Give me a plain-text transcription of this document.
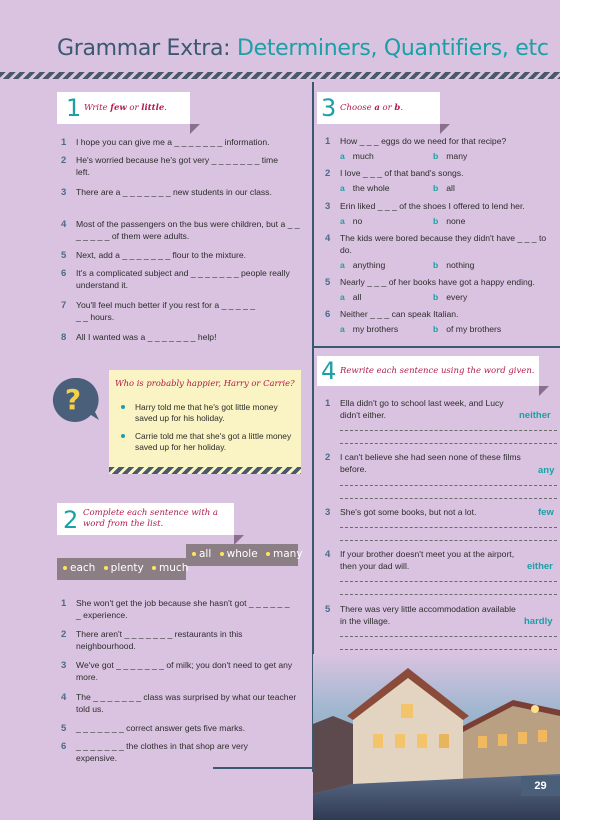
Grammar Extra: Determiners, Quantifiers, etc
1 Write few or little.
1 I hope you can give me a _ _ _ _ _ _ _ information.
2 He's worried because he's got very _ _ _ _ _ _ _ time left.
3 There are a _ _ _ _ _ _ _ new students in our class.
4 Most of the passengers on the bus were children, but a _ _ _ _ _ _ _ of them were adults.
5 Next, add a _ _ _ _ _ _ _ flour to the mixture.
6 It's a complicated subject and _ _ _ _ _ _ _ people really understand it.
7 You'll feel much better if you rest for a _ _ _ _ _ _ _ hours.
8 All I wanted was a _ _ _ _ _ _ _ help!
?	Who is probably happier, Harry or Carrie?
Harry told me that he's got little money saved up for his holiday.
Carrie told me that she's got a little money saved up for her holiday.
2 Complete each sentence with a word from the list.
all whole many
each plenty much
1 She won't get the job because she hasn't got _ _ _ _ _ _ _ experience.
2 There aren't _ _ _ _ _ _ _ restaurants in this neighbourhood.
3 We've got _ _ _ _ _ _ _ of milk; you don't need to get any more.
4 The _ _ _ _ _ _ _ class was surprised by what our teacher told us.
5 _ _ _ _ _ _ _ correct answer gets five marks.
6 _ _ _ _ _ _ _ the clothes in that shop are very expensive.
3 Choose a or b.
1 How _ _ _ eggs do we need for that recipe?
a much	b many
2 I love _ _ _ of that band's songs.
a the whole	b all
3 Erin liked _ _ _ of the shoes I offered to lend her.
a no	b none
4 The kids were bored because they didn't have _ _ _ to do.
a anything	b nothing
5 Nearly _ _ _ of her books have got a happy ending.
a all	b every
6 Neither _ _ _ can speak Italian.
a my brothers	b of my brothers
4 Rewrite each sentence using the word given.
1 Ella didn't go to school last week, and Lucy didn't either.	neither
2 I can't believe she had seen none of these films before.	any
3 She's got some books, but not a lot.	few
4 If your brother doesn't meet you at the airport, then your dad will.	either
5 There was very little accommodation available in the village.	hardly
29
